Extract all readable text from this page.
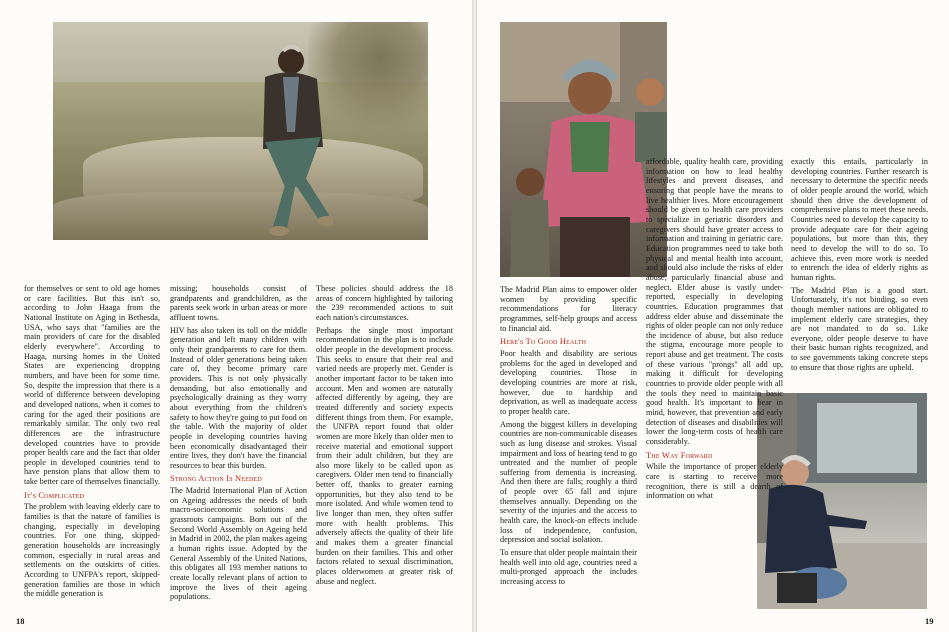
for themselves or sent to old age homes or care facilities. But this isn't so, according to John Haaga from the National Institute on Aging in Bethesda, USA, who says that "families are the main providers of care for the disabled elderly everywhere". According to Haaga, nursing homes in the United States are experiencing dropping numbers, and have been for some time. So, despite the impression that there is a world of difference between developing and developed nations, when it comes to caring for the aged their positions are remarkably similar. The only two real differences are the infrastructure developed countries have to provide proper health care and the fact that older people in developed countries tend to have pension plans that allow them to take better care of themselves financially.

It's Complicated

The problem with leaving elderly care to families is that the nature of families is changing, especially in developing countries. For one thing, skipped-generation households are increasingly common, especially in rural areas and settlements on the outskirts of cities. According to UNFPA's report, skipped-generation families are those in which the middle generation is

missing; households consist of grandparents and grandchildren, as the parents seek work in urban areas or more affluent towns.

HIV has also taken its toll on the middle generation and left many children with only their grandparents to care for them. Instead of older generations being taken care of, they become primary care providers. This is not only physically demanding, but also emotionally and psychologically draining as they worry about everything from the children's safety to how they're going to put food on the table. With the majority of older people in developing countries having been economically disadvantaged their entire lives, they don't have the financial resources to bear this burden.

Strong Action Is Needed

The Madrid International Plan of Action on Ageing addresses the needs of both macro-socioeconomic solutions and grassroots campaigns. Born out of the Second World Assembly on Ageing held in Madrid in 2002, the plan makes ageing a human rights issue. Adopted by the General Assembly of the United Nations, this obligates all 193 member nations to create locally relevant plans of action to improve the lives of their ageing populations.

These policies should address the 18 areas of concern highlighted by tailoring the 239 recommended actions to suit each nation's circumstances.

Perhaps the single most important recommendation in the plan is to include older people in the development process. This seeks to ensure that their real and varied needs are properly met. Gender is another important factor to be taken into account. Men and women are naturally affected differently by ageing, they are treated differently and society expects different things from them. For example, the UNFPA report found that older women are more likely than older men to receive material and emotional support from their adult children, but they are also more likely to be called upon as caregivers. Older men tend to financially better off, thanks to greater earning opportunities, but they also tend to be more isolated. And while women tend to live longer than men, they often suffer more with health problems. This adversely affects the quality of their life and makes them a greater financial burden on their families. This and other factors related to sexual discrimination, places olderwomen at greater risk of abuse and neglect.

The Madrid Plan aims to empower older women by providing specific recommendations for literacy programmes, self-help groups and access to financial aid.

Here's To Good Health

Poor health and disability are serious problems for the aged in developed and developing countries. Those in developing countries are more at risk, however, due to hardship and deprivation, as well as inadequate access to proper health care.

Among the biggest killers in developing countries are non-communicable diseases such as lung disease and strokes. Visual impairment and loss of hearing tend to go untreated and the number of people suffering from dementia is increasing. And then there are falls; roughly a third of people over 65 fall and injure themselves annually. Depending on the severity of the injuries and the access to health care, the knock-on effects include loss of independence, confusion, depression and social isolation.

To ensure that older people maintain their health well into old age, countries need a multi-pronged approach the includes increasing access to

affordable, quality health care, providing information on how to lead healthy lifestyles and prevent diseases, and ensuring that people have the means to live healthier lives. More encouragement should be given to health care providers to specialize in geriatric disorders and caregivers should have greater access to information and training in geriatric care. Education programmes need to take both physical and mental health into account, and should also include the risks of elder abuse, particularly financial abuse and neglect. Elder abuse is vastly under-reported, especially in developing countries. Education programmes that address elder abuse and disseminate the rights of older people can not only reduce the incidence of abuse, but also reduce the stigma, encourage more people to report abuse and get treatment. The costs of these various "prongs" all add up, making it difficult for developing countries to provide older people with all the tools they need to maintain basic good health. It's important to bear in mind, however, that prevention and early detection of diseases and disabilities will lower the long-term costs of health care considerably.

The Way Forward

While the importance of proper elderly care is starting to receive more recognition, there is still a dearth of information on what

exactly this entails, particularly in developing countries. Further research is necessary to determine the specific needs of older people around the world, which should then drive the development of comprehensive plans to meet these needs. Countries need to develop the capacity to provide adequate care for their ageing populations, but more than this, they need to develop the will to do so. To achieve this, even more work is needed to entrench the idea of elderly rights as human rights.

The Madrid Plan is a good start. Unfortunately, it's not binding, so even though member nations are obligated to implement elderly care strategies, they are not mandated to do so. Like everyone, older people deserve to have their basic human rights recognized, and to see governments taking concrete steps to ensure that those rights are upheld.

18	19
